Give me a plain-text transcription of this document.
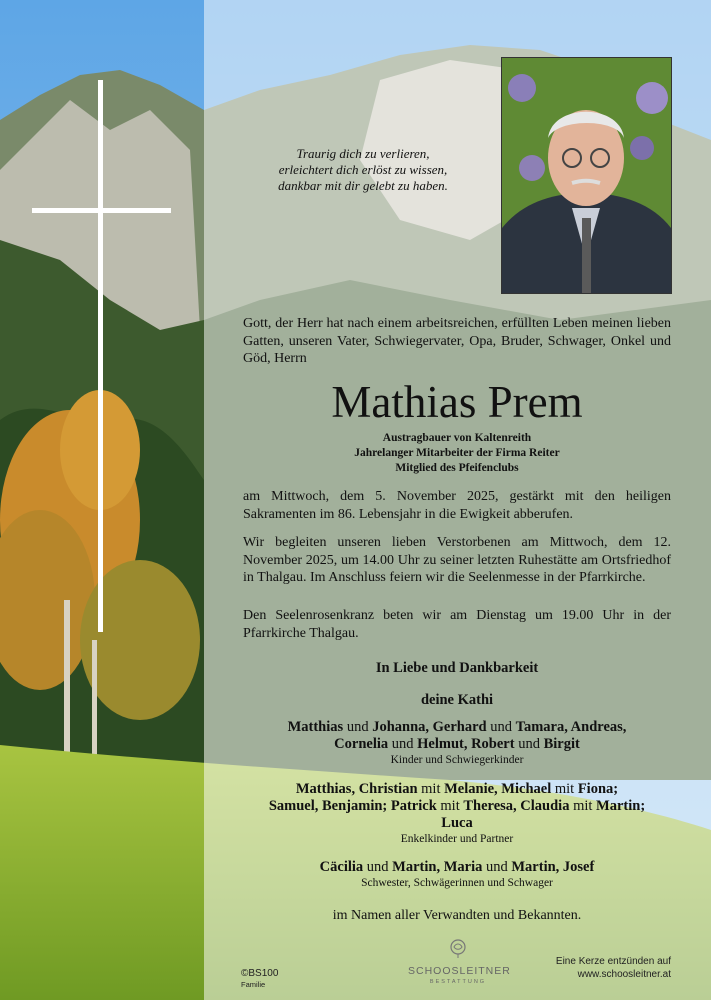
Traurig dich zu verlieren,
erleichtert dich erlöst zu wissen,
dankbar mit dir gelebt zu haben.
Gott, der Herr hat nach einem arbeitsreichen, erfüllten Leben meinen lieben Gatten, unseren Vater, Schwiegervater, Opa, Bruder, Schwager, Onkel und Göd, Herrn
Mathias Prem
Austragbauer von Kaltenreith
Jahrelanger Mitarbeiter der Firma Reiter
Mitglied des Pfeifenclubs
am Mittwoch, dem 5. November 2025, gestärkt mit den heiligen Sakramenten im 86. Lebensjahr in die Ewigkeit abberufen.
Wir begleiten unseren lieben Verstorbenen am Mittwoch, dem 12. November 2025, um 14.00 Uhr zu seiner letzten Ruhestätte am Ortsfriedhof in Thalgau. Im Anschluss feiern wir die Seelenmesse in der Pfarrkirche.
Den Seelenrosenkranz beten wir am Dienstag um 19.00 Uhr in der Pfarrkirche Thalgau.
In Liebe und Dankbarkeit
deine Kathi
Matthias und Johanna, Gerhard und Tamara, Andreas,
Cornelia und Helmut, Robert und Birgit
Kinder und Schwiegerkinder
Matthias, Christian mit Melanie, Michael mit Fiona;
Samuel, Benjamin; Patrick mit Theresa, Claudia mit Martin;
Luca
Enkelkinder und Partner
Cäcilia und Martin, Maria und Martin, Josef
Schwester, Schwägerinnen und Schwager
im Namen aller Verwandten und Bekannten.
©BS100
Familie
SCHOOSLEITNER
BESTATTUNG
Eine Kerze entzünden auf
www.schoosleitner.at
